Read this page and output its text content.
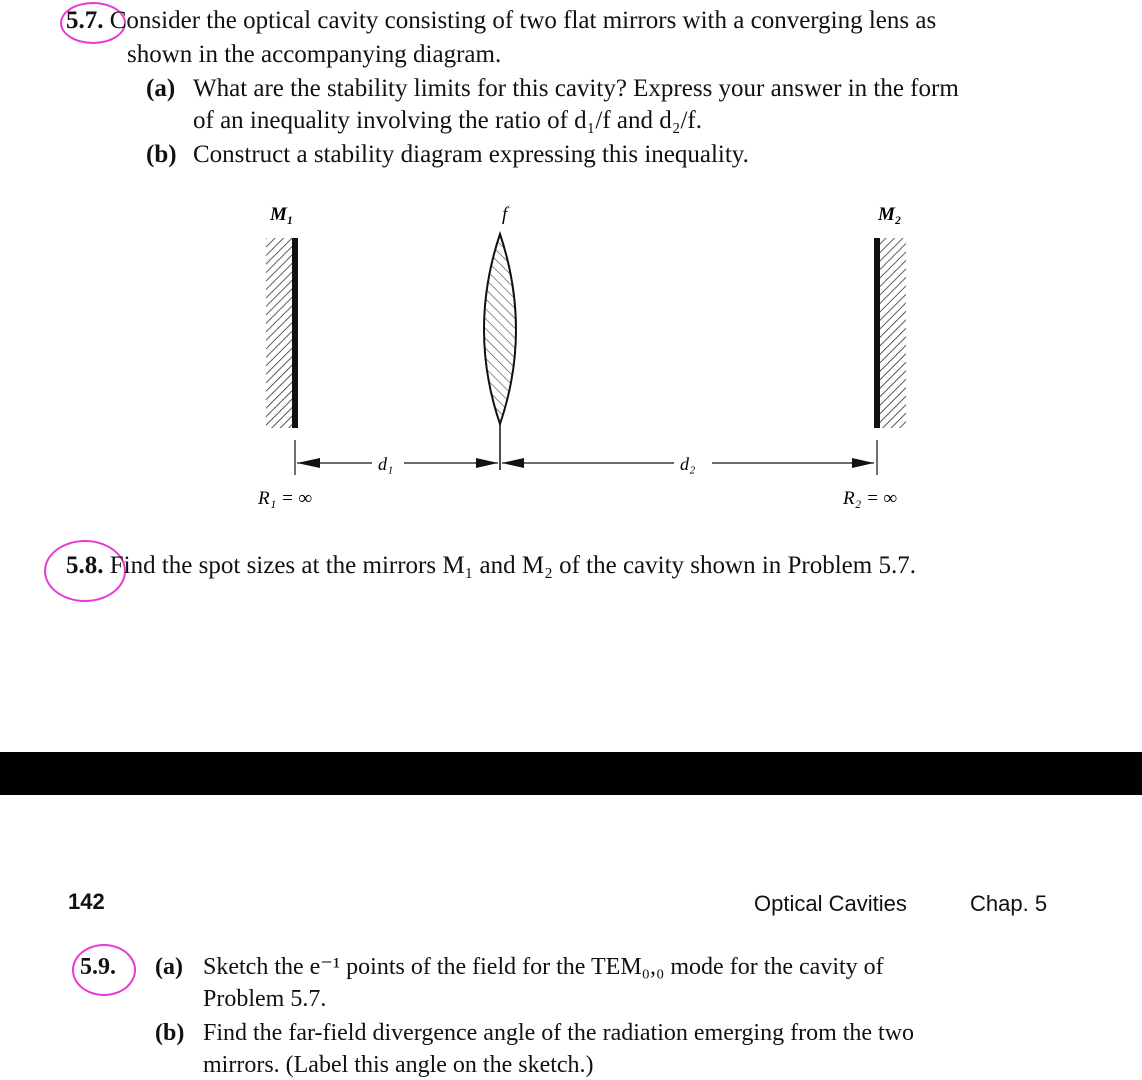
5.7. Consider the optical cavity consisting of two flat mirrors with a converging lens as
shown in the accompanying diagram.
(a) What are the stability limits for this cavity? Express your answer in the form
of an inequality involving the ratio of d₁/f and d₂/f.
(b) Construct a stability diagram expressing this inequality.
M₁	f	M₂
d₁	d₂
R₁ = ∞	R₂ = ∞
5.8. Find the spot sizes at the mirrors M₁ and M₂ of the cavity shown in Problem 5.7.
142	Optical Cavities	Chap. 5
5.9. (a) Sketch the e⁻¹ points of the field for the TEM₀,₀ mode for the cavity of
Problem 5.7.
(b) Find the far-field divergence angle of the radiation emerging from the two
mirrors. (Label this angle on the sketch.)
